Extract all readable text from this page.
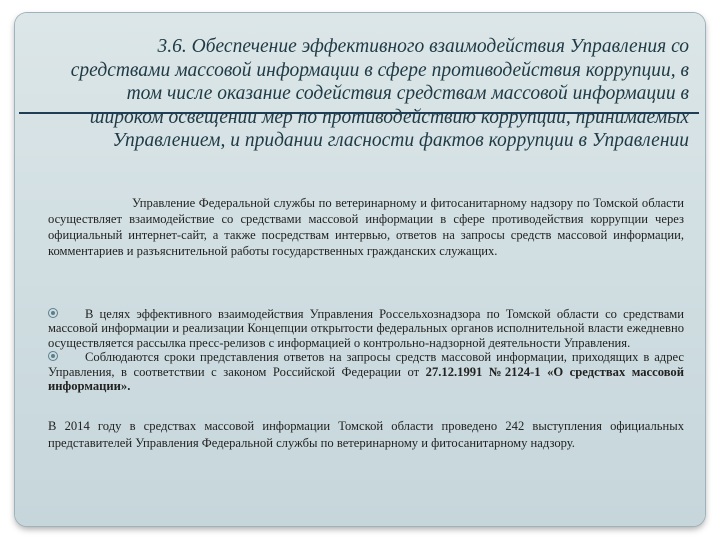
3.6. Обеспечение эффективного взаимодействия Управления со средствами массовой информации в сфере противодействия коррупции, в том числе оказание содействия средствам массовой информации в широком освещении мер по противодействию коррупции, принимаемых Управлением, и придании гласности фактов коррупции в Управлении

Управление Федеральной службы по ветеринарному и фитосанитарному надзору по Томской области осуществляет взаимодействие со средствами массовой информации в сфере противодействия коррупции через официальный интернет-сайт, а также посредствам интервью, ответов на запросы средств массовой информации, комментариев и разъяснительной работы государственных гражданских служащих.

В целях эффективного взаимодействия Управления Россельхознадзора по Томской области со средствами массовой информации и реализации Концепции открытости федеральных органов исполнительной власти ежедневно осуществляется рассылка пресс-релизов с информацией о контрольно-надзорной деятельности Управления.
Соблюдаются сроки представления ответов на запросы средств массовой информации, приходящих в адрес Управления, в соответствии с законом Российской Федерации от 27.12.1991 №2124-1 «О средствах массовой информации».

В 2014 году в средствах массовой информации Томской области проведено 242 выступления официальных представителей Управления Федеральной службы по ветеринарному и фитосанитарному надзору.
